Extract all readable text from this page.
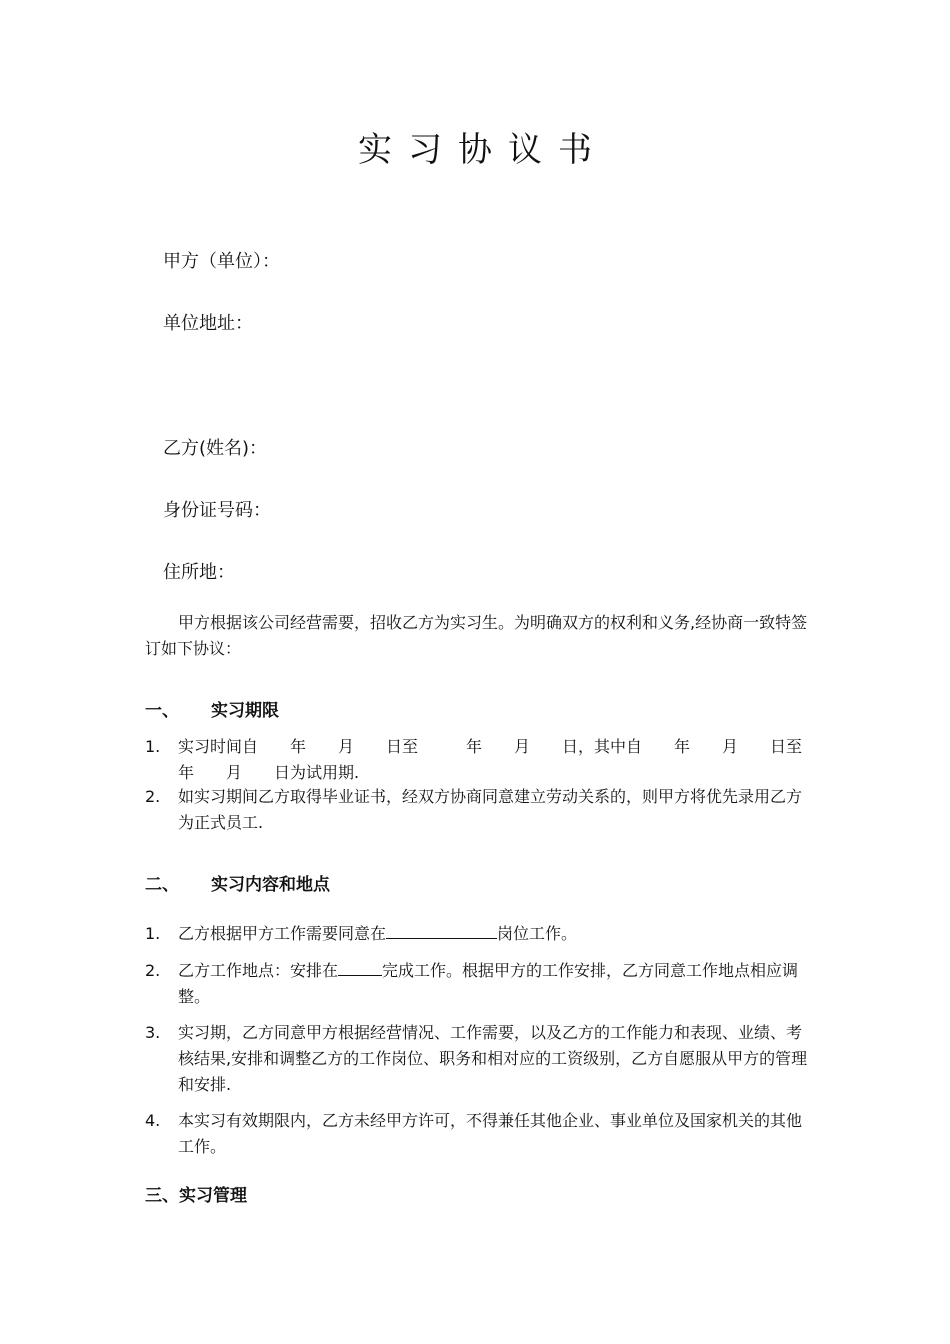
实习协议书
甲方（单位）：
单位地址：
乙方(姓名)：
身份证号码：
住所地：
甲方根据该公司经营需要，招收乙方为实习生。为明确双方的权利和义务,经协商一致特签订如下协议：
一、 实习期限
1. 实习时间自　　年　　月　　日至　　　年　　月　　日，其中自　　年　　月　　日至　　　年　　月　　日为试用期.
2. 如实习期间乙方取得毕业证书，经双方协商同意建立劳动关系的，则甲方将优先录用乙方为正式员工.
二、 实习内容和地点
1. 乙方根据甲方工作需要同意在	岗位工作。
2. 乙方工作地点：安排在	完成工作。根据甲方的工作安排，乙方同意工作地点相应调整。
3. 实习期，乙方同意甲方根据经营情况、工作需要，以及乙方的工作能力和表现、业绩、考核结果,安排和调整乙方的工作岗位、职务和相对应的工资级别，乙方自愿服从甲方的管理和安排.
4. 本实习有效期限内，乙方未经甲方许可，不得兼任其他企业、事业单位及国家机关的其他工作。
三、实习管理
